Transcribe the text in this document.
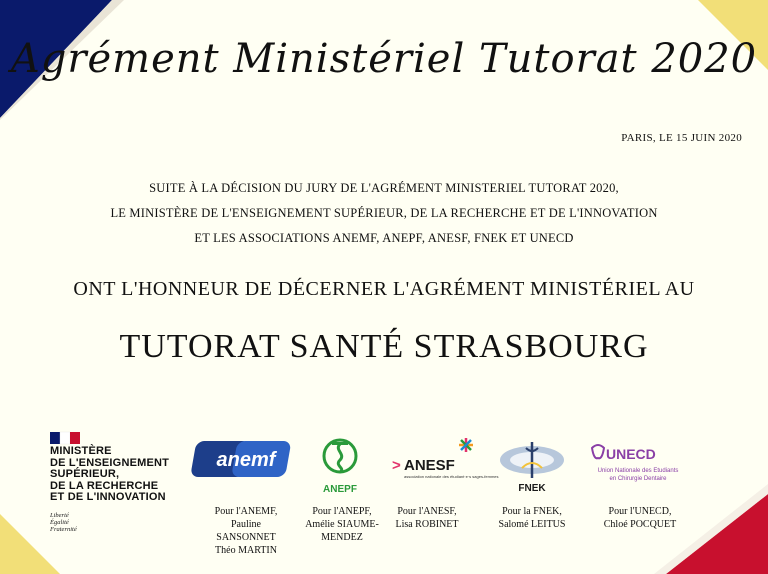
Agrément Ministériel Tutorat 2020
PARIS, LE 15 JUIN 2020
SUITE À LA DÉCISION DU JURY DE L'AGRÉMENT MINISTERIEL TUTORAT 2020,
LE MINISTÈRE DE L'ENSEIGNEMENT SUPÉRIEUR, DE LA RECHERCHE ET DE L'INNOVATION
ET LES ASSOCIATIONS ANEMF, ANEPF, ANESF, FNEK ET UNECD
ONT L'HONNEUR DE DÉCERNER L'AGRÉMENT MINISTÉRIEL AU
TUTORAT SANTÉ STRASBOURG
MINISTÈRE
DE L'ENSEIGNEMENT
SUPÉRIEUR,
DE LA RECHERCHE
ET DE L'INNOVATION
Liberté
Égalité
Fraternité
anemf
ANEPF
> ANESF
association nationale des étudiant·e·s sages-femmes
FNEK
UNECD
Union Nationale des Etudiants
en Chirurgie Dentaire
Pour l'ANEMF,
Pauline
SANSONNET
Théo MARTIN
Pour l'ANEPF,
Amélie SIAUME-
MENDEZ
Pour l'ANESF,
Lisa ROBINET
Pour la FNEK,
Salomé LEITUS
Pour l'UNECD,
Chloé POCQUET
